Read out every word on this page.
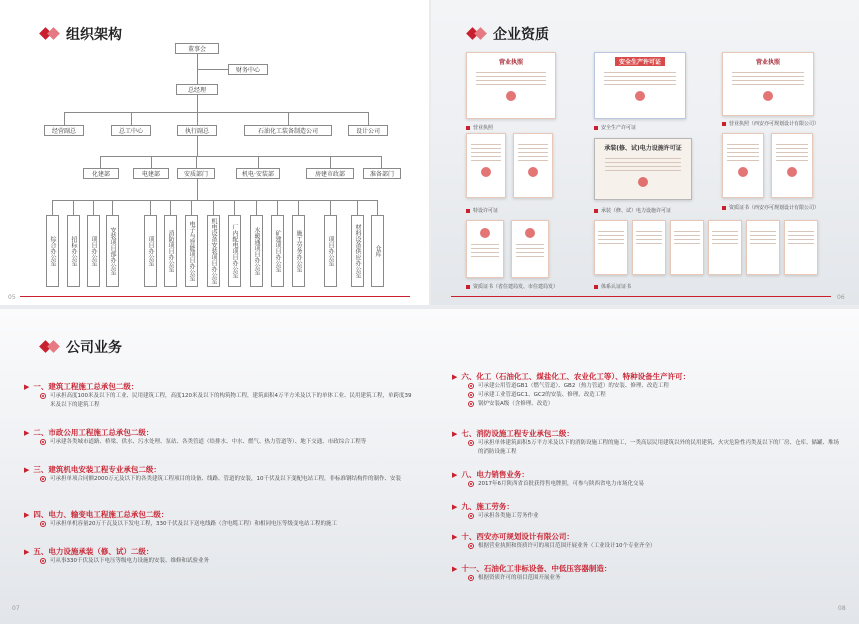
组织架构
董事会
财务中心
总经理
经营副总	总工中心	执行副总	石油化工装备制造公司	设计公司
化建部	电建部	安质部门	机电·安装部	房建市政部	准备部门
综合办公室	招标办公室	项目办公室	安装项目部办公室	项目办公室	消防项目办公室	电子与智能项目办公室	机电设备安装项目办公室	厂内配电项目办公室	水暖通项目办公室	矿建项目办公室	施工劳务办公室	项目办公室	材料设备供应办公室	仓库
05
企业资质
营业执照
营业执照
安全生产许可证
安全生产许可证
营业执照
营业执照（西安亦可规划设计有限公司）
特设许可证
承装(修、试)电力设施许可证
承装（修、试）电力设施许可证	资质证书（西安亦可规划设计有限公司）
资质证书（省住建局发、市住建局发）	体系认证证书
06
公司业务
▶ 一、建筑工程施工总承包二级：
可承担高度100米及以下的工业、民用建筑工程，高度120米及以下的构筑物工程，建筑面积4万平方米及以下的单体工业、民用建筑工程，单跨度39米及以下的建筑工程
▶ 二、市政公用工程施工总承包二级：
可承建各类城市道路、桥梁、供水、污水处理、泵站、各类管道（给排水、中水、燃气、热力管道等）、地下交通、市政综合工程等
▶ 三、建筑机电安装工程专业承包二级：
可承担单项合同额2000万元及以下的各类建筑工程项目的设备、线路、管道的安装，10千伏及以下变配电站工程，非标准钢结构件的制作、安装
▶ 四、电力、输变电工程施工总承包二级：
可承担单机容量20万千瓦及以下发电工程，330千伏及以下送电线路（含电缆工程）和相同电压等级变电站工程的施工
▶ 五、电力设施承装（修、试）二级：
可从事330千伏及以下电压等级电力设施的安装、维修和试验业务
▶ 六、化工（石油化工、煤盐化工、农业化工等）、特种设备生产许可：
可承建公用管道GB1（燃气管道）、GB2（热力管道）的安装、修理、改造工程
可承建工业管道GC1、GC2的安装、修理、改造工程
锅炉安装A级（含修理、改造）
▶ 七、消防设施工程专业承包二级：
可承担单体建筑面积5万平方米及以下的消防设施工程的施工，一类高层民用建筑以外的民用建筑、火灾危险性丙类及以下的厂房、仓库、储罐、堆场的消防设施工程
▶ 八、电力销售业务：
2017年6月陕西省首批获得售电牌照，可参与陕西省电力市场化交易
▶ 九、施工劳务：
可承担各类施工劳务作业
▶ 十、西安亦可规划设计有限公司：
根据营业执照和资质许可的项目范围开展业务（工业设计10个专业齐全）
▶ 十一、石油化工非标设备、中低压容器制造：
根据资质许可的项目范围开展业务
07	08
